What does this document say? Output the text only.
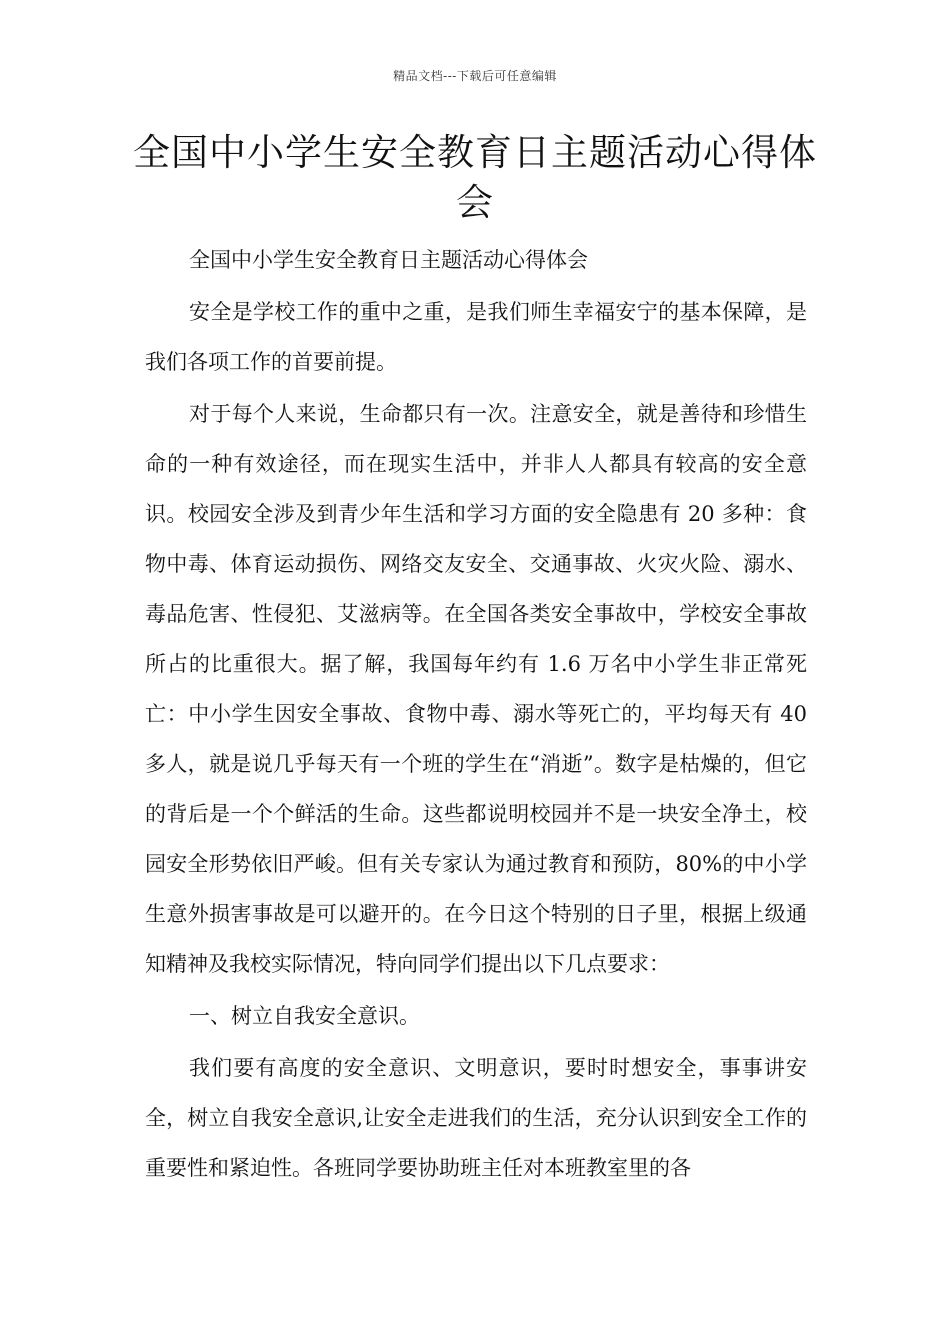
精品文档---下载后可任意编辑
全国中小学生安全教育日主题活动心得体会

全国中小学生安全教育日主题活动心得体会

安全是学校工作的重中之重，是我们师生幸福安宁的基本保障，是我们各项工作的首要前提。

对于每个人来说，生命都只有一次。注意安全，就是善待和珍惜生命的一种有效途径，而在现实生活中，并非人人都具有较高的安全意识。校园安全涉及到青少年生活和学习方面的安全隐患有 20 多种：食物中毒、体育运动损伤、网络交友安全、交通事故、火灾火险、溺水、毒品危害、性侵犯、艾滋病等。在全国各类安全事故中，学校安全事故所占的比重很大。据了解，我国每年约有 1.6 万名中小学生非正常死亡：中小学生因安全事故、食物中毒、溺水等死亡的，平均每天有 40 多人，就是说几乎每天有一个班的学生在“消逝”。数字是枯燥的，但它的背后是一个个鲜活的生命。这些都说明校园并不是一块安全净土，校园安全形势依旧严峻。但有关专家认为通过教育和预防，80%的中小学生意外损害事故是可以避开的。在今日这个特别的日子里，根据上级通知精神及我校实际情况，特向同学们提出以下几点要求：

一、树立自我安全意识。

我们要有高度的安全意识、文明意识，要时时想安全，事事讲安全，树立自我安全意识,让安全走进我们的生活，充分认识到安全工作的重要性和紧迫性。各班同学要协助班主任对本班教室里的各
